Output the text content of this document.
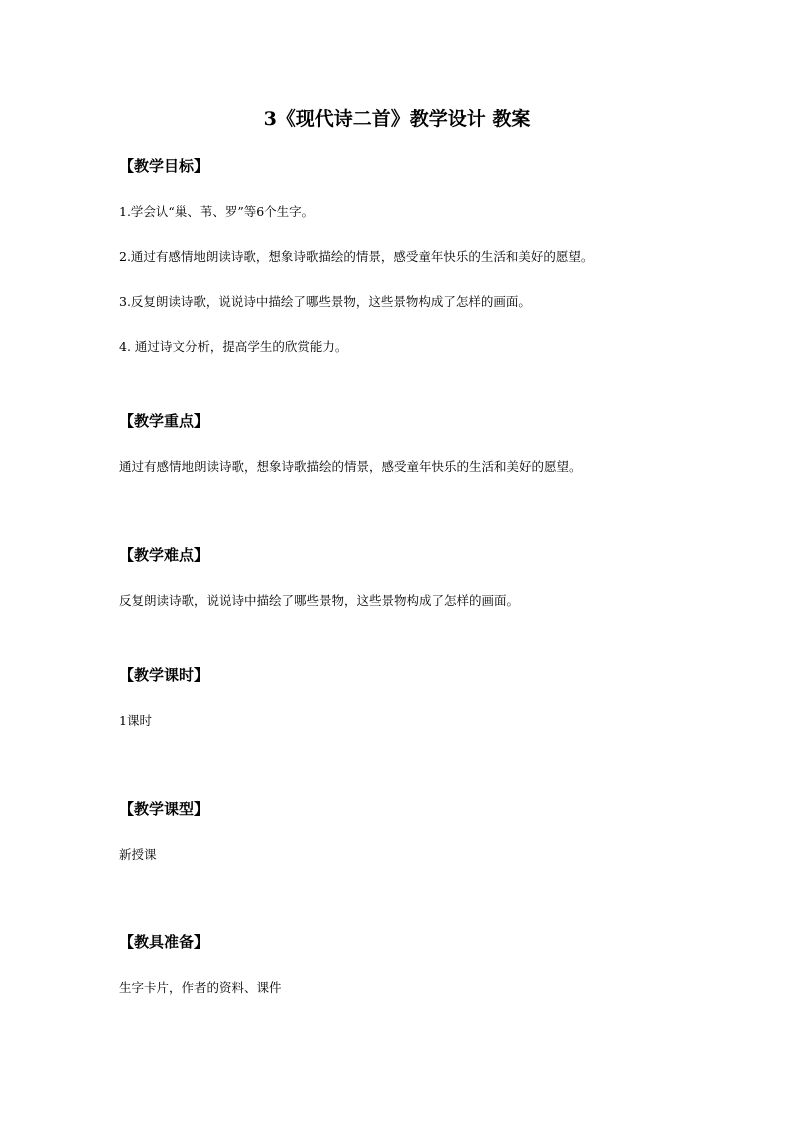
3《现代诗二首》教学设计 教案
【教学目标】
1.学会认“巢、苇、罗”等6个生字。
2.通过有感情地朗读诗歌，想象诗歌描绘的情景，感受童年快乐的生活和美好的愿望。
3.反复朗读诗歌，说说诗中描绘了哪些景物，这些景物构成了怎样的画面。
4. 通过诗文分析，提高学生的欣赏能力。
【教学重点】
通过有感情地朗读诗歌，想象诗歌描绘的情景，感受童年快乐的生活和美好的愿望。
【教学难点】
反复朗读诗歌，说说诗中描绘了哪些景物，这些景物构成了怎样的画面。
【教学课时】
1课时
【教学课型】
新授课
【教具准备】
生字卡片，作者的资料、课件
